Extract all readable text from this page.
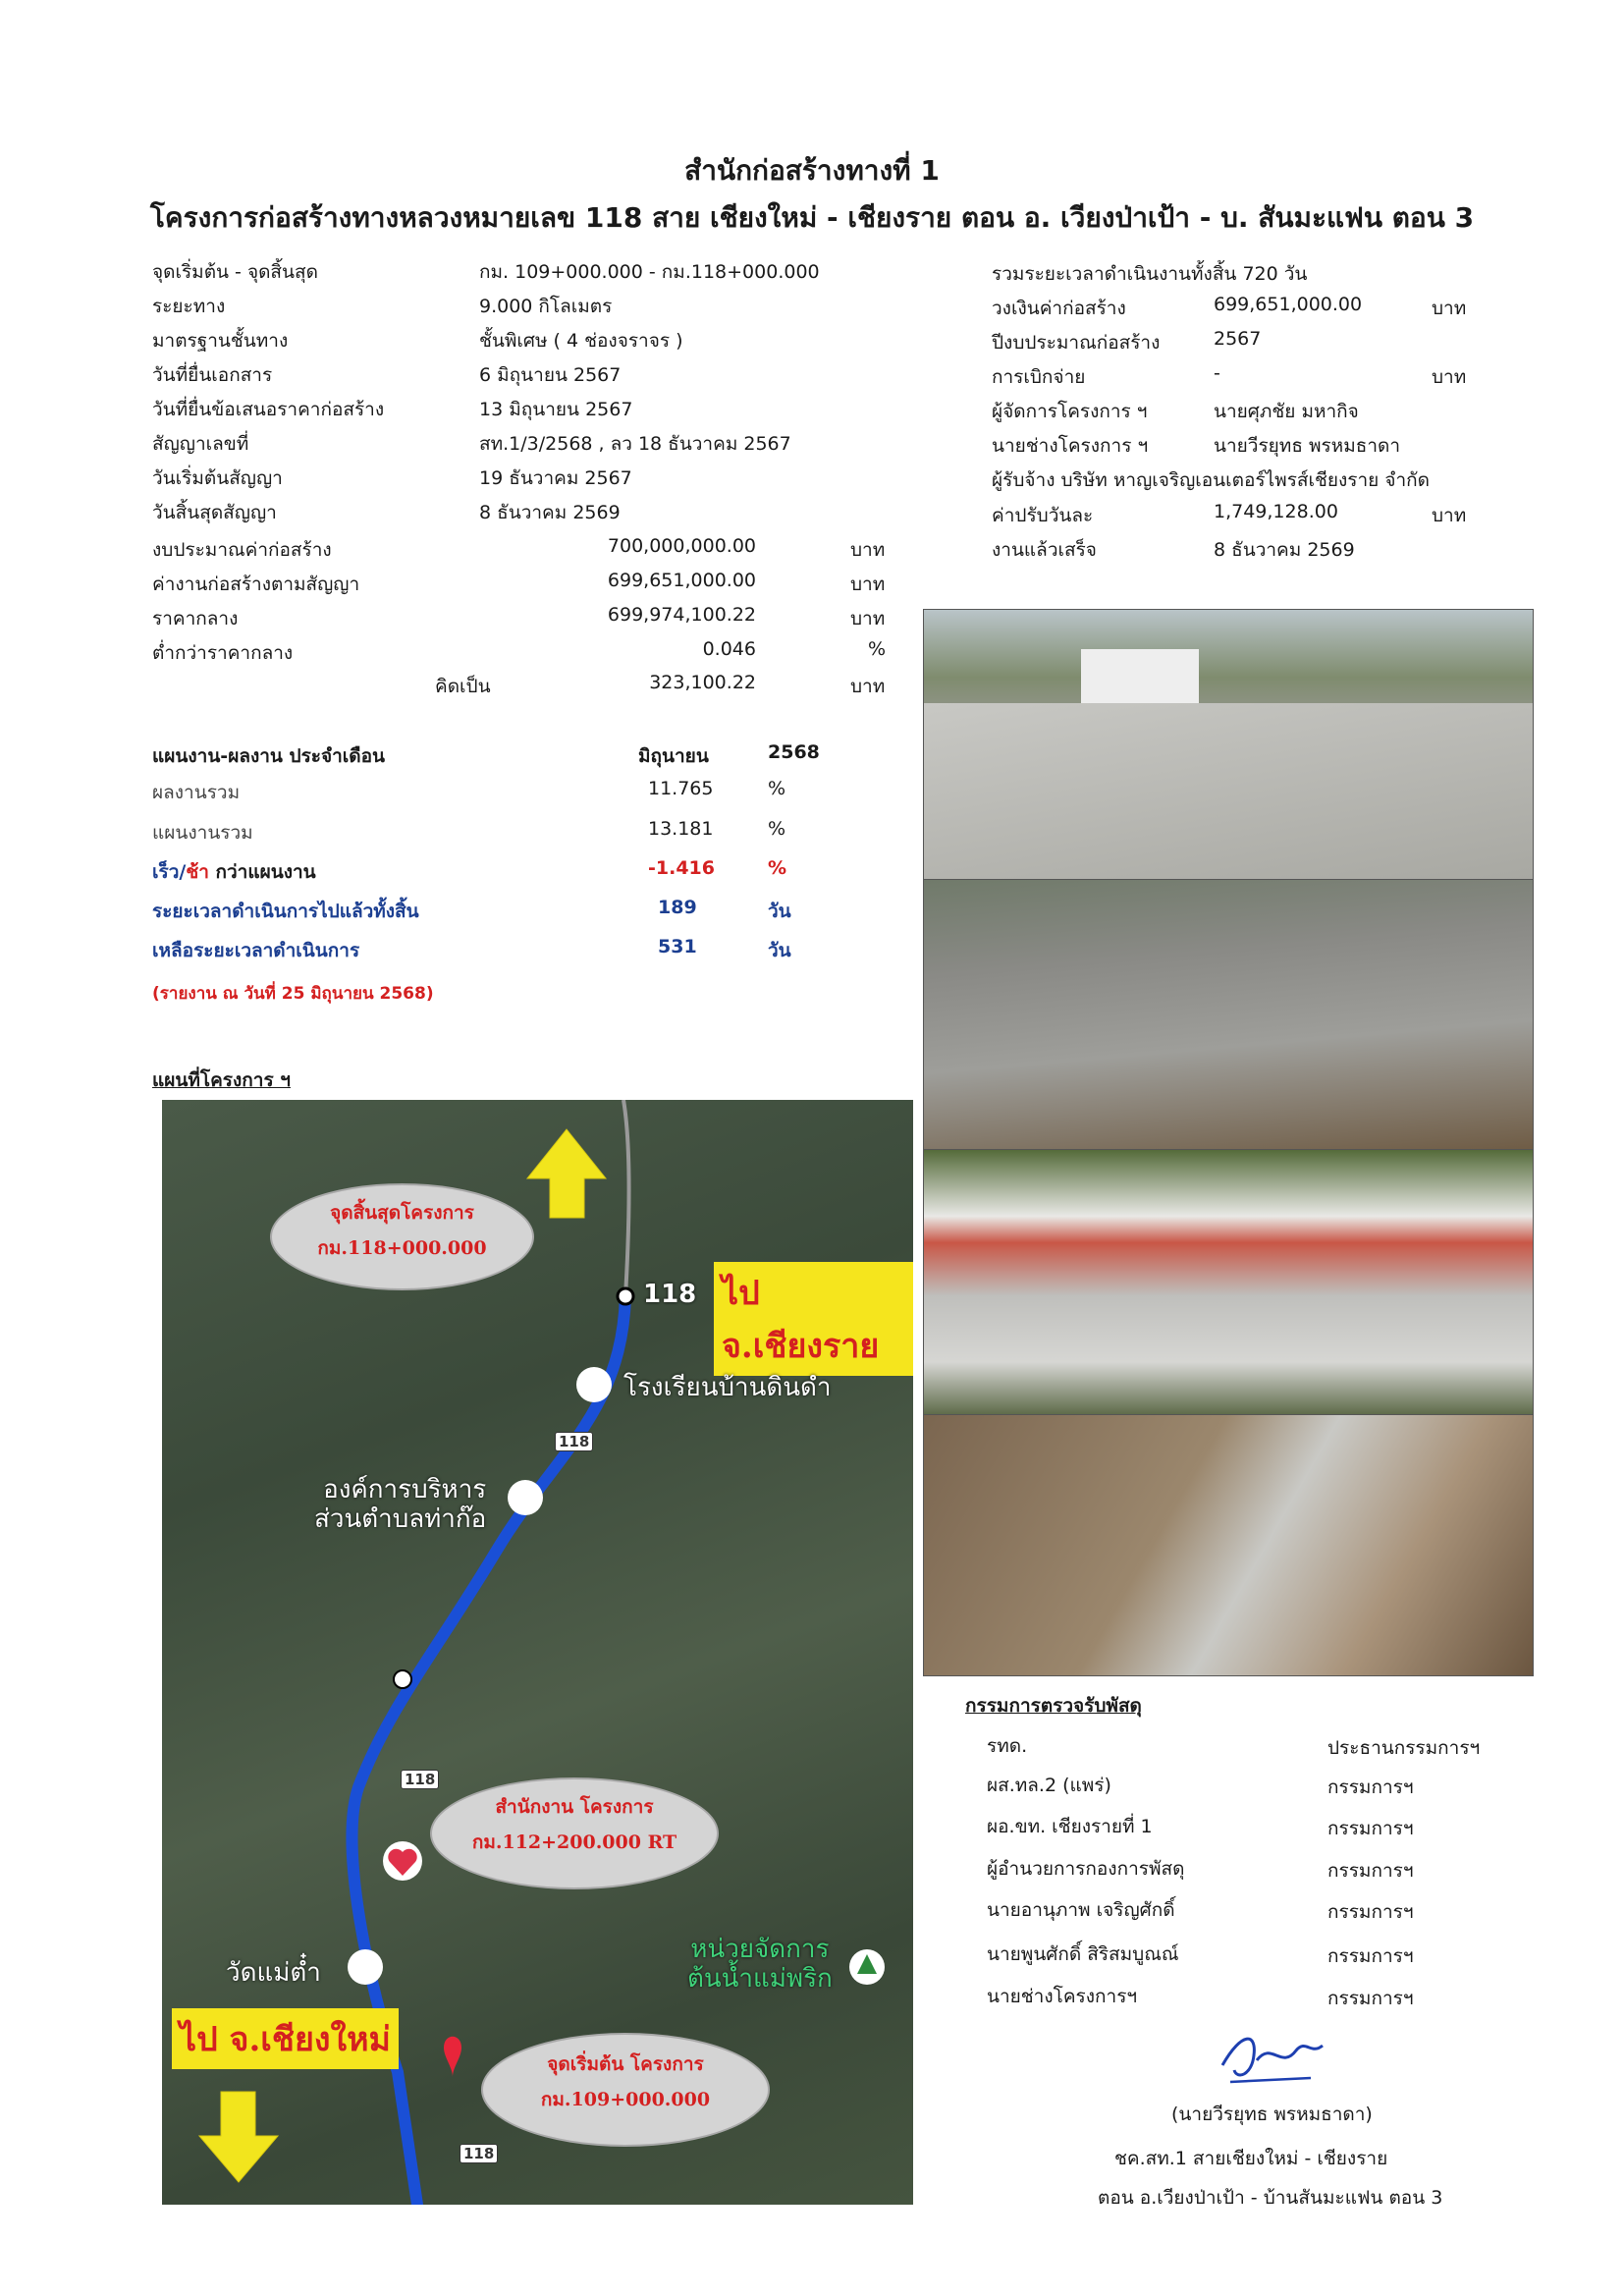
สำนักก่อสร้างทางที่ 1
โครงการก่อสร้างทางหลวงหมายเลข 118 สาย เชียงใหม่ - เชียงราย ตอน อ. เวียงป่าเป้า - บ. สันมะแฟน ตอน 3
จุดเริ่มต้น - จุดสิ้นสุด	กม. 109+000.000 - กม.118+000.000
ระยะทาง	9.000 กิโลเมตร
มาตรฐานชั้นทาง	ชั้นพิเศษ ( 4 ช่องจราจร )
วันที่ยื่นเอกสาร	6 มิถุนายน 2567
วันที่ยื่นข้อเสนอราคาก่อสร้าง	13 มิถุนายน 2567
สัญญาเลขที่	สท.1/3/2568 , ลว 18 ธันวาคม 2567
วันเริ่มต้นสัญญา	19 ธันวาคม 2567
วันสิ้นสุดสัญญา	8 ธันวาคม 2569
งบประมาณค่าก่อสร้าง	700,000,000.00	บาท
ค่างานก่อสร้างตามสัญญา	699,651,000.00	บาท
ราคากลาง	699,974,100.22	บาท
ต่ำกว่าราคากลาง	0.046	%
คิดเป็น	323,100.22	บาท
รวมระยะเวลาดำเนินงานทั้งสิ้น 720 วัน
วงเงินค่าก่อสร้าง	699,651,000.00	บาท
ปีงบประมาณก่อสร้าง	2567
การเบิกจ่าย	-	บาท
ผู้จัดการโครงการ ฯ	นายศุภชัย มหากิจ
นายช่างโครงการ ฯ	นายวีรยุทธ พรหมธาดา
ผู้รับจ้าง บริษัท หาญเจริญเอนเตอร์ไพรส์เชียงราย จำกัด
ค่าปรับวันละ	1,749,128.00	บาท
งานแล้วเสร็จ	8 ธันวาคม 2569
แผนงาน-ผลงาน ประจำเดือน	มิถุนายน	2568
ผลงานรวม	11.765	%
แผนงานรวม	13.181	%
เร็ว/ช้า กว่าแผนงาน	-1.416	%
ระยะเวลาดำเนินการไปแล้วทั้งสิ้น	189	วัน
เหลือระยะเวลาดำเนินการ	531	วัน
(รายงาน ณ วันที่ 25 มิถุนายน 2568)
แผนที่โครงการ ฯ
จุดสิ้นสุดโครงการ
กม.118+000.000
สำนักงาน โครงการ
กม.112+200.000 RT
จุดเริ่มต้น โครงการ
กม.109+000.000
ไป จ.เชียงราย
ไป จ.เชียงใหม่
118
โรงเรียนบ้านดินดำ
องค์การบริหาร
ส่วนตำบลท่าก๊อ
วัดแม่ต๋ำ
หน่วยจัดการ
ต้นน้ำแม่พริก
118
118
118
กรรมการตรวจรับพัสดุ
รทด.	ประธานกรรมการฯ
ผส.ทล.2 (แพร่)	กรรมการฯ
ผอ.ขท. เชียงรายที่ 1	กรรมการฯ
ผู้อำนวยการกองการพัสดุ	กรรมการฯ
นายอานุภาพ เจริญศักดิ์	กรรมการฯ
นายพูนศักดิ์ สิริสมบูณณ์	กรรมการฯ
นายช่างโครงการฯ	กรรมการฯ
(นายวีรยุทธ พรหมธาดา)
ชค.สท.1 สายเชียงใหม่ - เชียงราย
ตอน อ.เวียงป่าเป้า - บ้านสันมะแฟน ตอน 3
